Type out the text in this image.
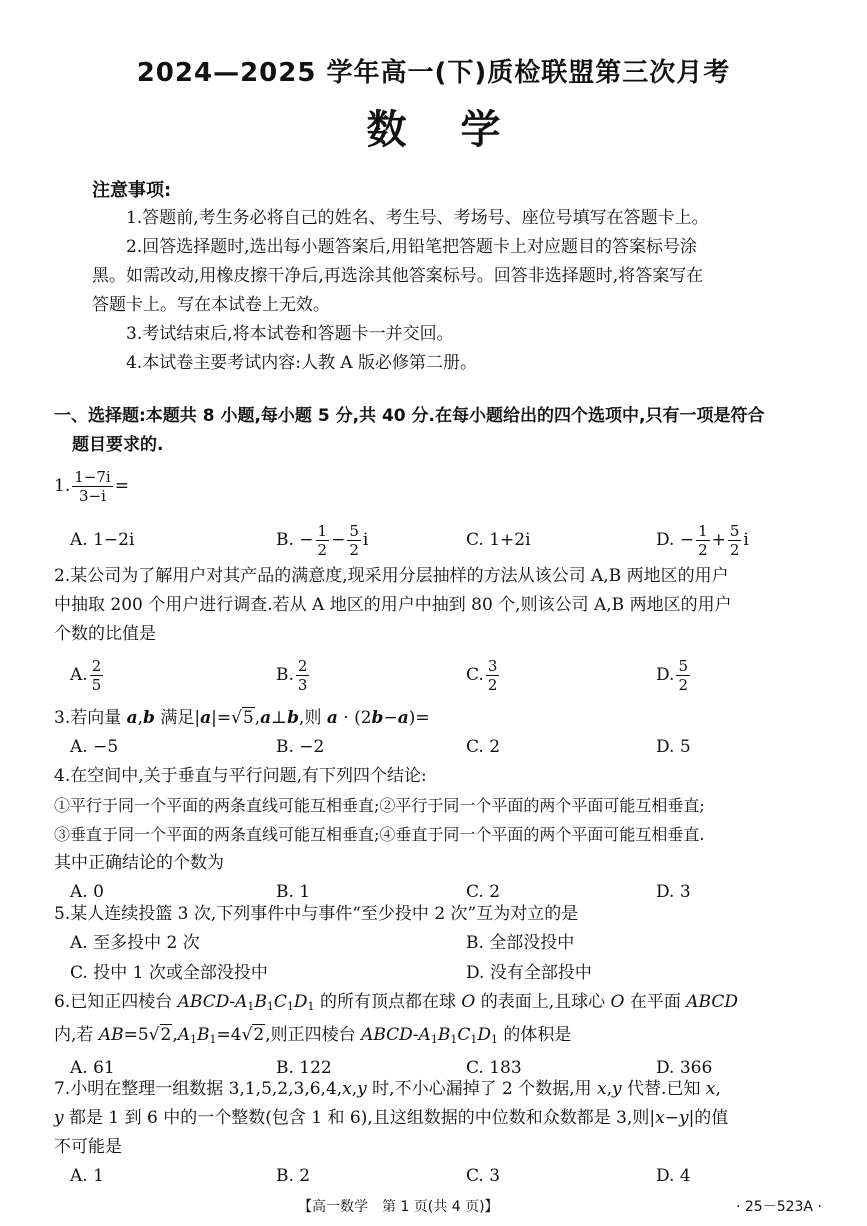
2024—2025 学年高一(下)质检联盟第三次月考
数学
注意事项:

1.答题前,考生务必将自己的姓名、考生号、考场号、座位号填写在答题卡上。

2.回答选择题时,选出每小题答案后,用铅笔把答题卡上对应题目的答案标号涂

黑。如需改动,用橡皮擦干净后,再选涂其他答案标号。回答非选择题时,将答案写在

答题卡上。写在本试卷上无效。

3.考试结束后,将本试卷和答题卡一并交回。

4.本试卷主要考试内容:人教 A 版必修第二册。

一、选择题:本题共 8 小题,每小题 5 分,共 40 分.在每小题给出的四个选项中,只有一项是符合

题目要求的.
1. $\frac{1-7i}{3-i}$ =
A. 1−2i	B. − $\frac{1}{2} - \frac{5}{2}$ i	C. 1+2i	D. − $\frac{1}{2} + \frac{5}{2}$ i

2.某公司为了解用户对其产品的满意度,现采用分层抽样的方法从该公司 A,B 两地区的用户

中抽取 200 个用户进行调查.若从 A 地区的用户中抽到 80 个,则该公司 A,B 两地区的用户

个数的比值是

A. $\frac{2}{5}$	B. $\frac{2}{3}$	C. $\frac{3}{2}$	D. $\frac{5}{2}$

3.若向量 a,b 满足|a|=√5,a⊥b,则 a · (2b−a)=

A. −5	B. −2	C. 2	D. 5

4.在空间中,关于垂直与平行问题,有下列四个结论:

①平行于同一个平面的两条直线可能互相垂直;②平行于同一个平面的两个平面可能互相垂直;

③垂直于同一个平面的两条直线可能互相垂直;④垂直于同一个平面的两个平面可能互相垂直.

其中正确结论的个数为

A. 0	B. 1	C. 2	D. 3

5.某人连续投篮 3 次,下列事件中与事件“至少投中 2 次”互为对立的是

A. 至多投中 2 次	B. 全部没投中
C. 投中 1 次或全部没投中	D. 没有全部投中

6.已知正四棱台 ABCD-$A_1B_1C_1D_1$ 的所有顶点都在球 O 的表面上,且球心 O 在平面 ABCD

内,若 $AB=5√2,A_1B_1=4√2$,则正四棱台 ABCD-$A_1B_1C_1D_1$ 的体积是

A. 61	B. 122	C. 183	D. 366

7.小明在整理一组数据 3,1,5,2,3,6,4,x,y 时,不小心漏掉了 2 个数据,用 x,y 代替.已知 x,

y 都是 1 到 6 中的一个整数(包含 1 和 6),且这组数据的中位数和众数都是 3,则|x−y|的值

不可能是

A. 1	B. 2	C. 3	D. 4
【高一数学　第 1 页(共 4 页)】	· 25－523A ·
